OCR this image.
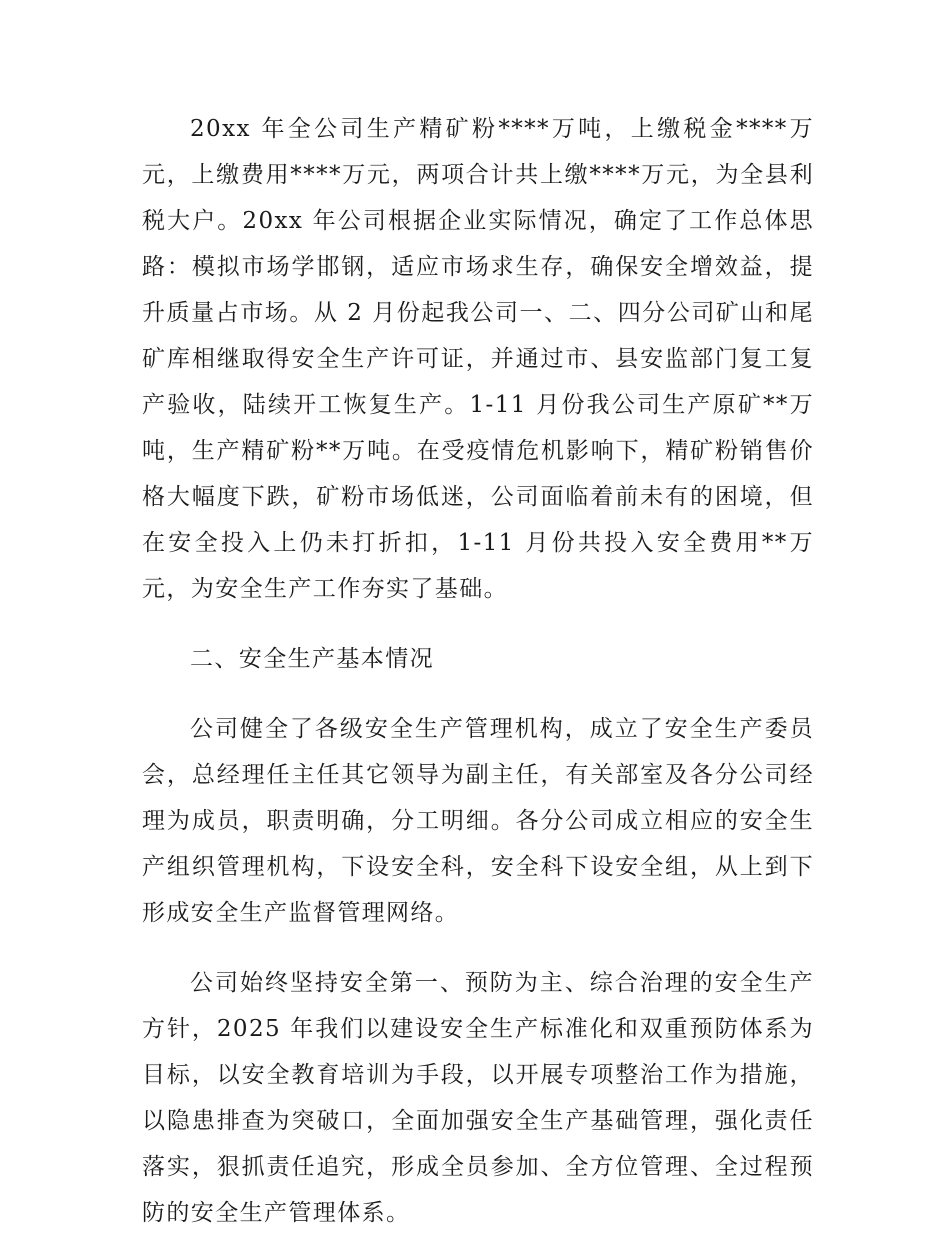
20xx 年全公司生产精矿粉****万吨，上缴税金****万元，上缴费用****万元，两项合计共上缴****万元，为全县利税大户。20xx 年公司根据企业实际情况，确定了工作总体思路：模拟市场学邯钢，适应市场求生存，确保安全增效益，提升质量占市场。从 2 月份起我公司一、二、四分公司矿山和尾矿库相继取得安全生产许可证，并通过市、县安监部门复工复产验收，陆续开工恢复生产。1-11 月份我公司生产原矿**万吨，生产精矿粉**万吨。在受疫情危机影响下，精矿粉销售价格大幅度下跌，矿粉市场低迷，公司面临着前未有的困境，但在安全投入上仍未打折扣，1-11 月份共投入安全费用**万元，为安全生产工作夯实了基础。

二、安全生产基本情况

公司健全了各级安全生产管理机构，成立了安全生产委员会，总经理任主任其它领导为副主任，有关部室及各分公司经理为成员，职责明确，分工明细。各分公司成立相应的安全生产组织管理机构，下设安全科，安全科下设安全组，从上到下形成安全生产监督管理网络。

公司始终坚持安全第一、预防为主、综合治理的安全生产方针，2025 年我们以建设安全生产标准化和双重预防体系为目标，以安全教育培训为手段，以开展专项整治工作为措施，以隐患排查为突破口，全面加强安全生产基础管理，强化责任落实，狠抓责任追究，形成全员参加、全方位管理、全过程预防的安全生产管理体系。
